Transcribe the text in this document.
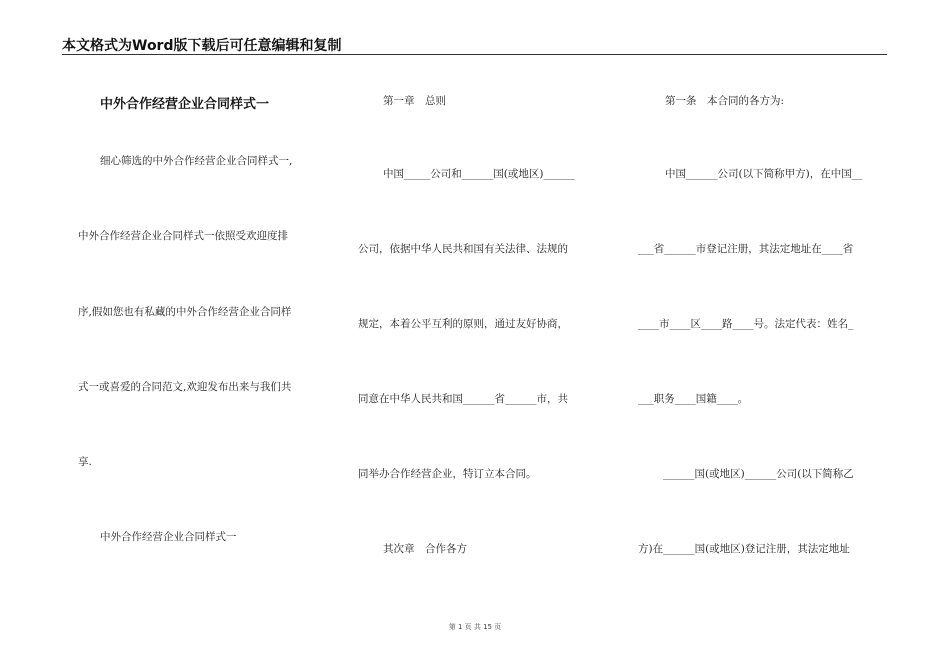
本文格式为Word版下载后可任意编辑和复制
中外合作经营企业合同样式一
细心筛选的中外合作经营企业合同样式一,
中外合作经营企业合同样式一依照受欢迎度排
序,假如您也有私藏的中外合作经营企业合同样
式一或喜爱的合同范文,欢迎发布出来与我们共
享.
中外合作经营企业合同样式一
第一章　总则
中国_____公司和______国(或地区)______
公司，依据中华人民共和国有关法律、法规的
规定，本着公平互利的原则，通过友好协商，
同意在中华人民共和国______省______市，共
同举办合作经营企业，特订立本合同。
其次章　合作各方
第一条　本合同的各方为:
中国______公司(以下简称甲方)，在中国__
___省______市登记注册，其法定地址在____省
____市____区____路____号。法定代表：姓名_
___职务____国籍____。
______国(或地区)______公司(以下简称乙
方)在______国(或地区)登记注册，其法定地址
第 1 页 共 15 页
